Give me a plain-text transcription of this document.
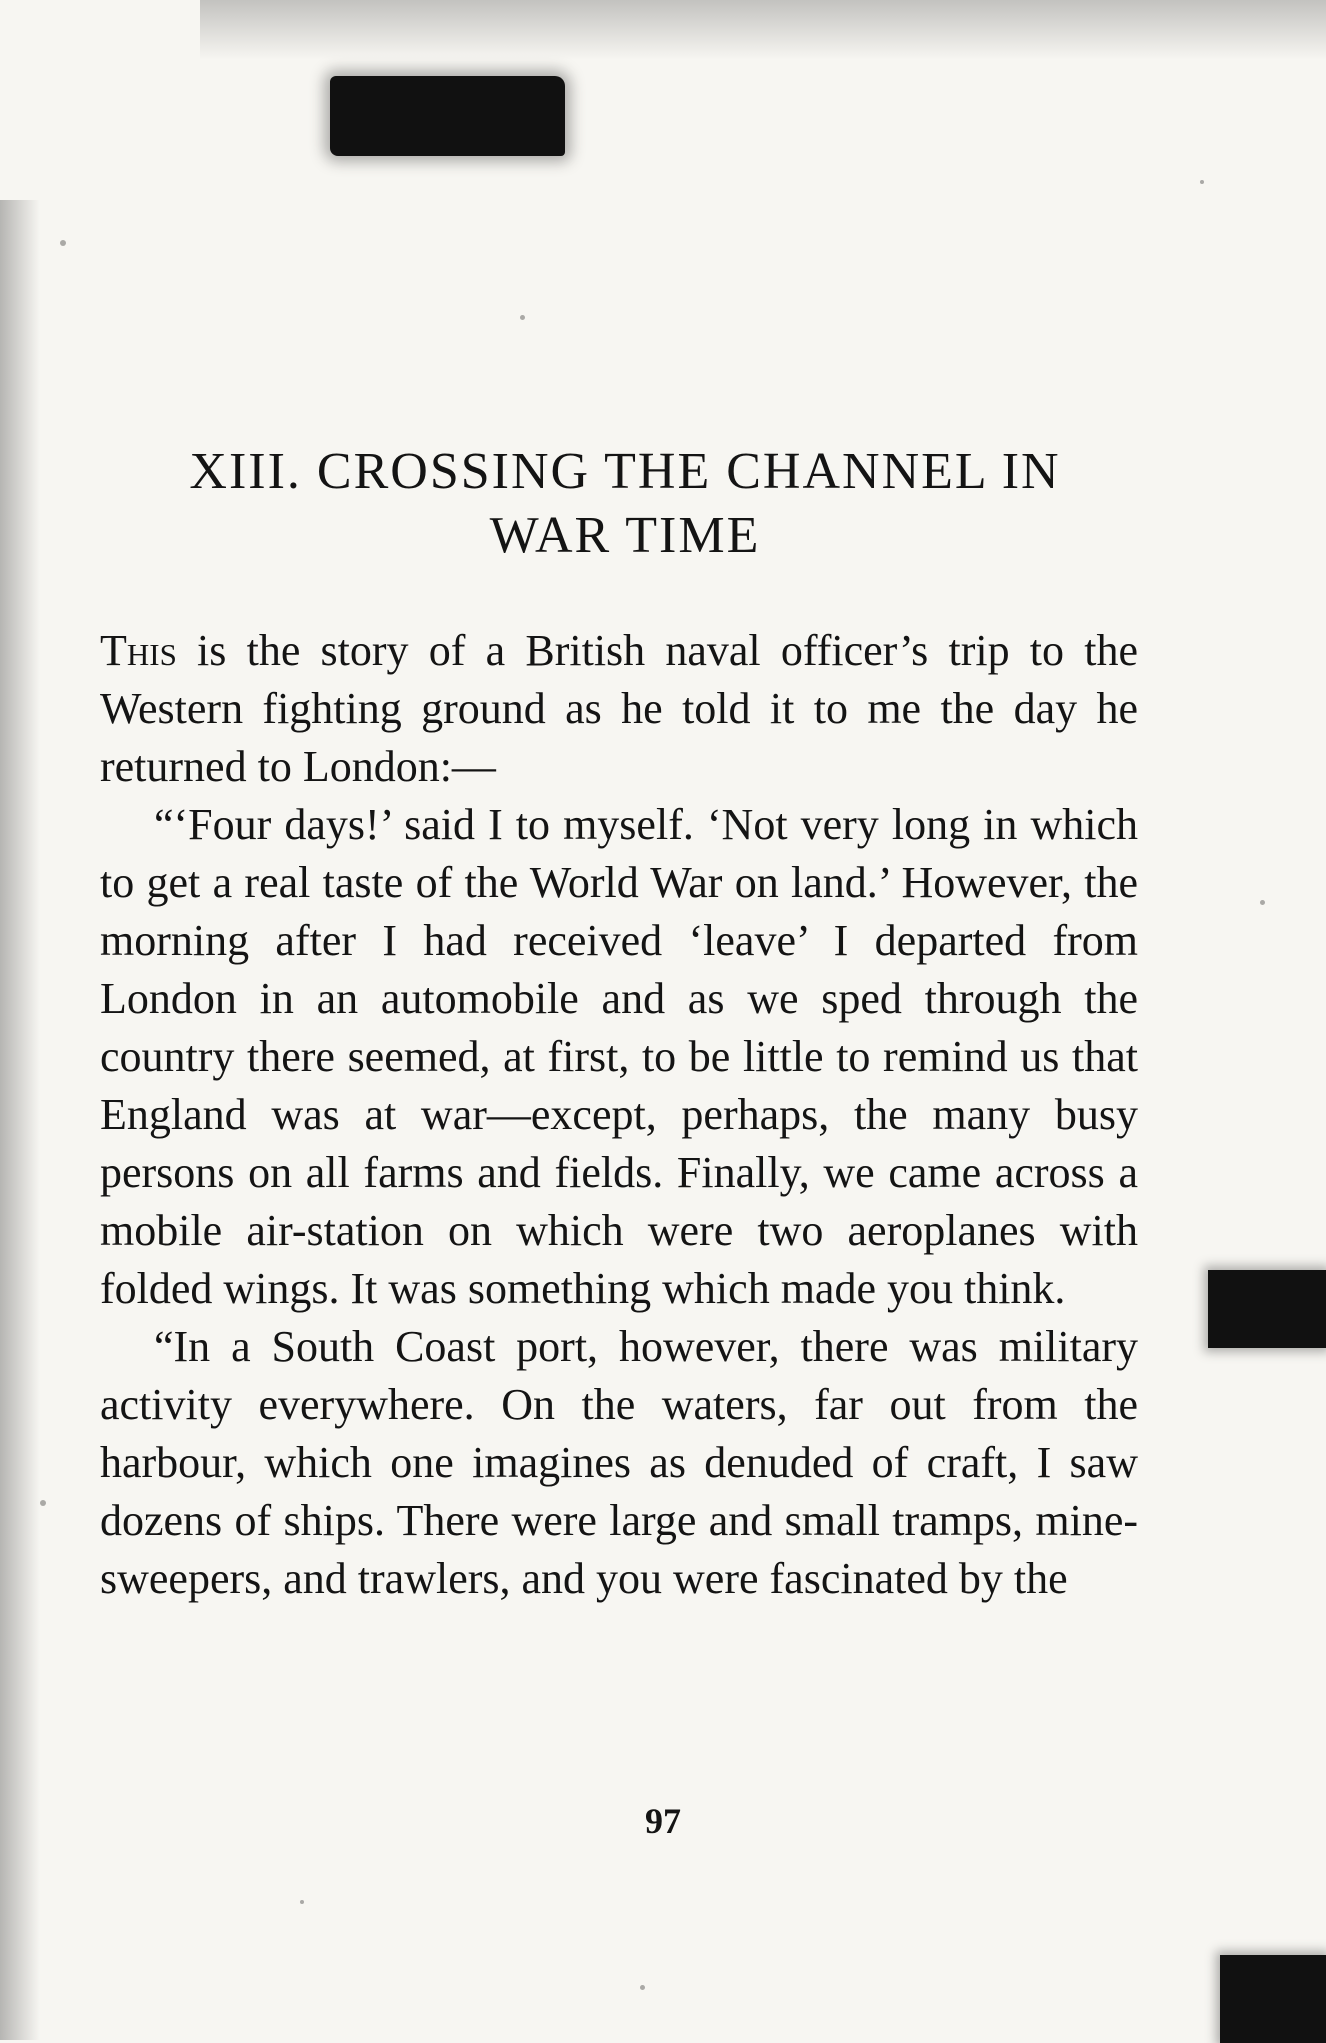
XIII. CROSSING THE CHANNEL IN
WAR TIME

This is the story of a British naval officer’s trip to the Western fighting ground as he told it to me the day he returned to London:—

“‘Four days!’ said I to myself. ‘Not very long in which to get a real taste of the World War on land.’ However, the morning after I had received ‘leave’ I departed from London in an automobile and as we sped through the country there seemed, at first, to be little to remind us that England was at war—except, perhaps, the many busy persons on all farms and fields. Finally, we came across a mobile air-station on which were two aeroplanes with folded wings. It was something which made you think.

“In a South Coast port, however, there was military activity everywhere. On the waters, far out from the harbour, which one imagines as denuded of craft, I saw dozens of ships. There were large and small tramps, mine-sweepers, and trawlers, and you were fascinated by the

97
